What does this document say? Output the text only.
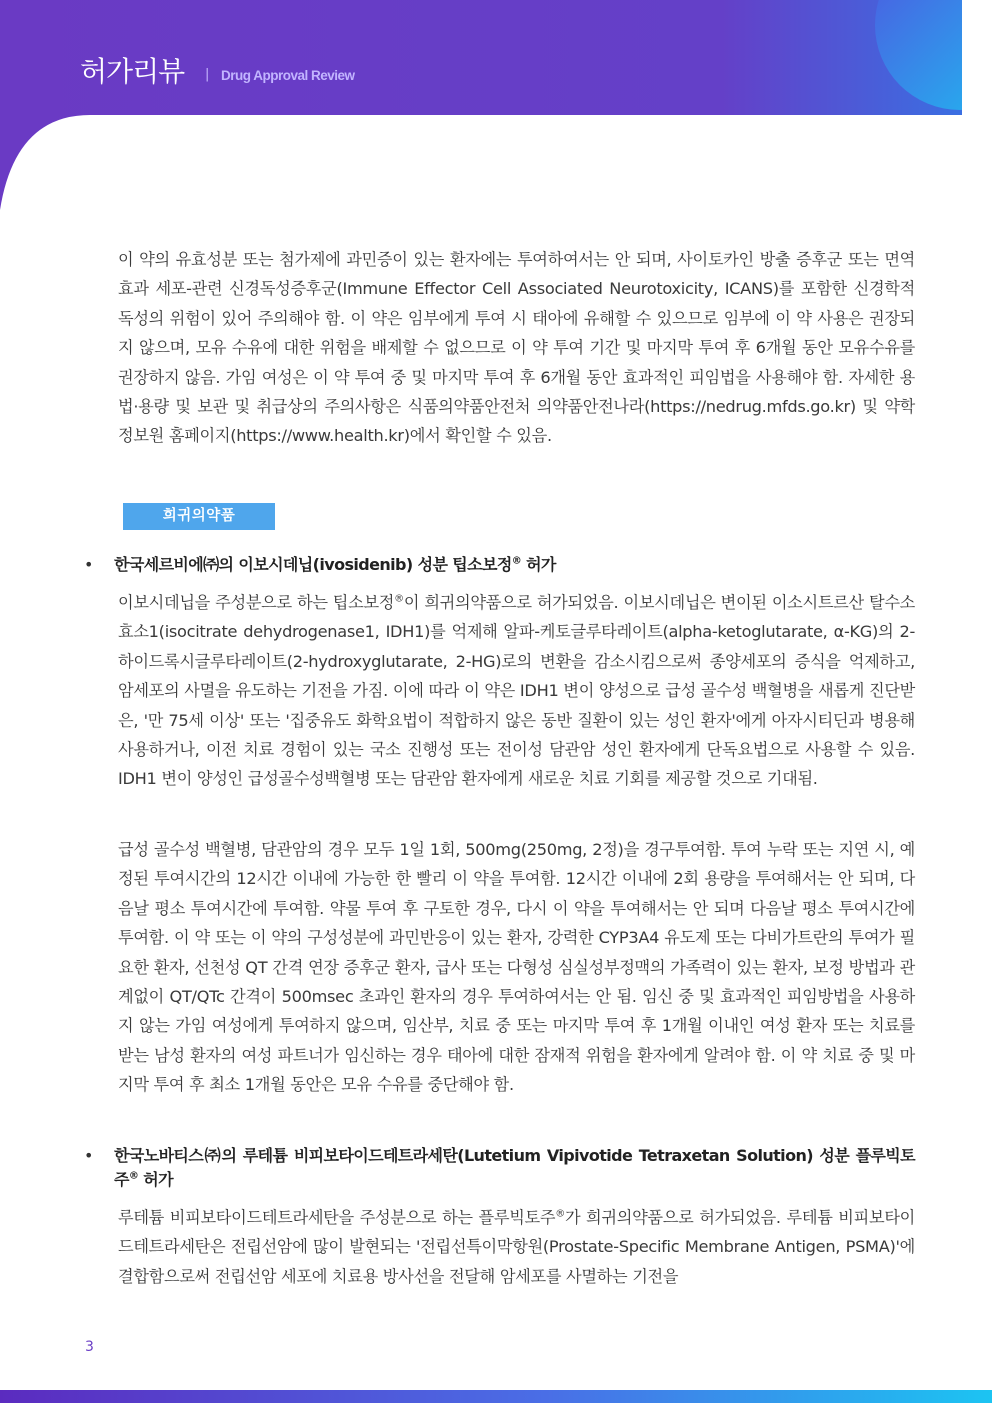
허가리뷰 | Drug Approval Review

이 약의 유효성분 또는 첨가제에 과민증이 있는 환자에는 투여하여서는 안 되며, 사이토카인 방출 증후군 또는 면역효과 세포-관련 신경독성증후군(Immune Effector Cell Associated Neurotoxicity, ICANS)를 포함한 신경학적 독성의 위험이 있어 주의해야 함. 이 약은 임부에게 투여 시 태아에 유해할 수 있으므로 임부에 이 약 사용은 권장되지 않으며, 모유 수유에 대한 위험을 배제할 수 없으므로 이 약 투여 기간 및 마지막 투여 후 6개월 동안 모유수유를 권장하지 않음. 가임 여성은 이 약 투여 중 및 마지막 투여 후 6개월 동안 효과적인 피임법을 사용해야 함. 자세한 용법·용량 및 보관 및 취급상의 주의사항은 식품의약품안전처 의약품안전나라(https://nedrug.mfds.go.kr) 및 약학정보원 홈페이지(https://www.health.kr)에서 확인할 수 있음.

희귀의약품
• 한국세르비에㈜의 이보시데닙(ivosidenib) 성분 팁소보정® 허가

이보시데닙을 주성분으로 하는 팁소보정®이 희귀의약품으로 허가되었음. 이보시데닙은 변이된 이소시트르산 탈수소효소1(isocitrate dehydrogenase1, IDH1)를 억제해 알파-케토글루타레이트(alpha-ketoglutarate, α-KG)의 2-하이드록시글루타레이트(2-hydroxyglutarate, 2-HG)로의 변환을 감소시킴으로써 종양세포의 증식을 억제하고, 암세포의 사멸을 유도하는 기전을 가짐. 이에 따라 이 약은 IDH1 변이 양성으로 급성 골수성 백혈병을 새롭게 진단받은, '만 75세 이상' 또는 '집중유도 화학요법이 적합하지 않은 동반 질환이 있는 성인 환자'에게 아자시티딘과 병용해 사용하거나, 이전 치료 경험이 있는 국소 진행성 또는 전이성 담관암 성인 환자에게 단독요법으로 사용할 수 있음. IDH1 변이 양성인 급성골수성백혈병 또는 담관암 환자에게 새로운 치료 기회를 제공할 것으로 기대됨.

급성 골수성 백혈병, 담관암의 경우 모두 1일 1회, 500mg(250mg, 2정)을 경구투여함. 투여 누락 또는 지연 시, 예정된 투여시간의 12시간 이내에 가능한 한 빨리 이 약을 투여함. 12시간 이내에 2회 용량을 투여해서는 안 되며, 다음날 평소 투여시간에 투여함. 약물 투여 후 구토한 경우, 다시 이 약을 투여해서는 안 되며 다음날 평소 투여시간에 투여함. 이 약 또는 이 약의 구성성분에 과민반응이 있는 환자, 강력한 CYP3A4 유도제 또는 다비가트란의 투여가 필요한 환자, 선천성 QT 간격 연장 증후군 환자, 급사 또는 다형성 심실성부정맥의 가족력이 있는 환자, 보정 방법과 관계없이 QT/QTc 간격이 500msec 초과인 환자의 경우 투여하여서는 안 됨. 임신 중 및 효과적인 피임방법을 사용하지 않는 가임 여성에게 투여하지 않으며, 임산부, 치료 중 또는 마지막 투여 후 1개월 이내인 여성 환자 또는 치료를 받는 남성 환자의 여성 파트너가 임신하는 경우 태아에 대한 잠재적 위험을 환자에게 알려야 함. 이 약 치료 중 및 마지막 투여 후 최소 1개월 동안은 모유 수유를 중단해야 함.

• 한국노바티스㈜의 루테튬 비피보타이드테트라세탄(Lutetium Vipivotide Tetraxetan Solution) 성분 플루빅토주® 허가

루테튬 비피보타이드테트라세탄을 주성분으로 하는 플루빅토주®가 희귀의약품으로 허가되었음. 루테튬 비피보타이드테트라세탄은 전립선암에 많이 발현되는 '전립선특이막항원(Prostate-Specific Membrane Antigen, PSMA)'에 결합함으로써 전립선암 세포에 치료용 방사선을 전달해 암세포를 사멸하는 기전을

3
